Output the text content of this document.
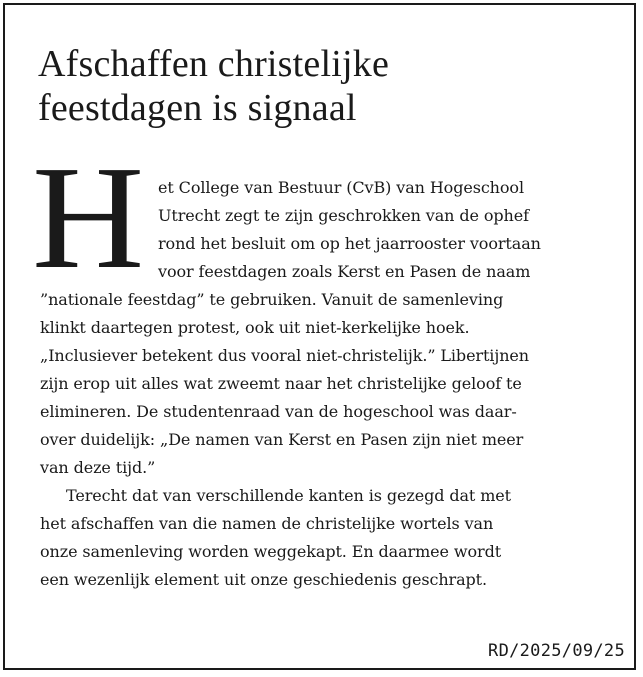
Afschaffen christelijke
feestdagen is signaal
H et College van Bestuur (CvB) van Hogeschool
Utrecht zegt te zijn geschrokken van de ophef
rond het besluit om op het jaarrooster voortaan
voor feestdagen zoals Kerst en Pasen de naam
”nationale feestdag” te gebruiken. Vanuit de samenleving
klinkt daartegen protest, ook uit niet-kerkelijke hoek.
„Inclusiever betekent dus vooral niet-christelijk.” Libertijnen
zijn erop uit alles wat zweemt naar het christelijke geloof te
elimineren. De studentenraad van de hogeschool was daar-
over duidelijk: „De namen van Kerst en Pasen zijn niet meer
van deze tijd.”
Terecht dat van verschillende kanten is gezegd dat met
het afschaffen van die namen de christelijke wortels van
onze samenleving worden weggekapt. En daarmee wordt
een wezenlijk element uit onze geschiedenis geschrapt.
RD/2025/09/25
